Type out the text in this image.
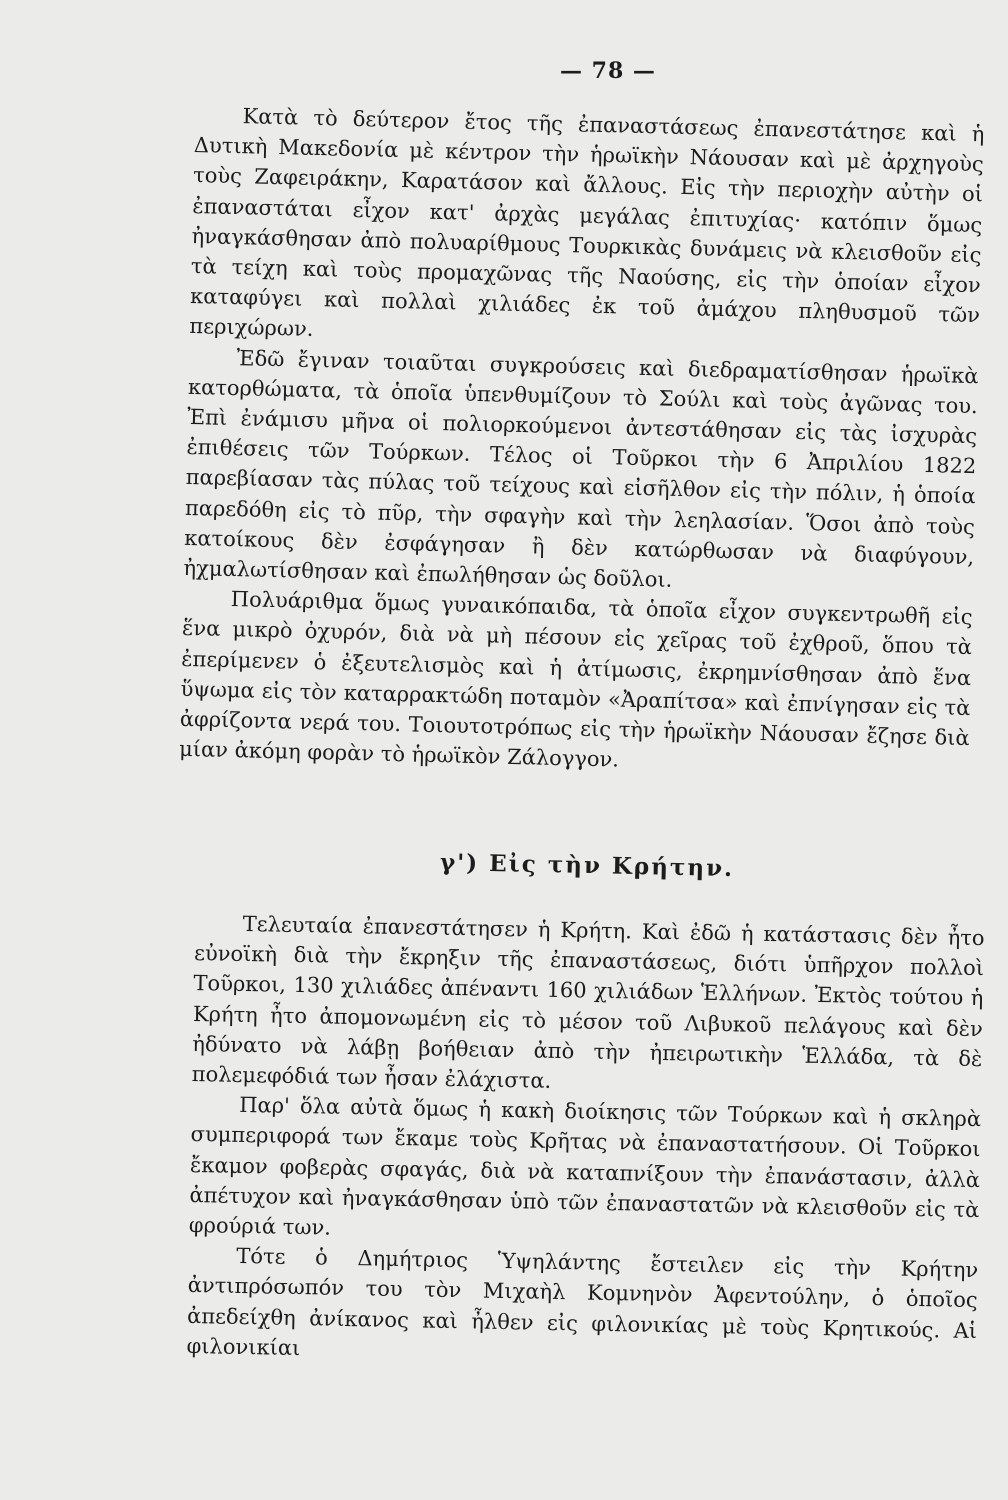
— 78 —

Κατὰ τὸ δεύτερον ἔτος τῆς ἐπαναστάσεως ἐπανεστάτησε καὶ ἡ Δυτικὴ Μακεδονία μὲ κέντρον τὴν ἡρωϊκὴν Νάουσαν καὶ μὲ ἀρχηγοὺς τοὺς Ζαφειράκην, Καρατάσον καὶ ἄλλους. Εἰς τὴν περιοχὴν αὐτὴν οἱ ἐπαναστάται εἶχον κατ' ἀρχὰς μεγάλας ἐπιτυχίας· κατόπιν ὅμως ἠναγκάσθησαν ἀπὸ πολυαρίθμους Τουρκικὰς δυνάμεις νὰ κλεισθοῦν εἰς τὰ τείχη καὶ τοὺς προμαχῶνας τῆς Ναούσης, εἰς τὴν ὁποίαν εἶχον καταφύγει καὶ πολλαὶ χιλιάδες ἐκ τοῦ ἀμάχου πληθυσμοῦ τῶν περιχώρων.

Ἐδῶ ἔγιναν τοιαῦται συγκρούσεις καὶ διεδραματίσθησαν ἡρωϊκὰ κατορθώματα, τὰ ὁποῖα ὑπενθυμίζουν τὸ Σούλι καὶ τοὺς ἀγῶνας του. Ἐπὶ ἐνάμισυ μῆνα οἱ πολιορκούμενοι ἀντεστάθησαν εἰς τὰς ἰσχυρὰς ἐπιθέσεις τῶν Τούρκων. Τέλος οἱ Τοῦρκοι τὴν 6 Ἀπριλίου 1822 παρεβίασαν τὰς πύλας τοῦ τείχους καὶ εἰσῆλθον εἰς τὴν πόλιν, ἡ ὁποία παρεδόθη εἰς τὸ πῦρ, τὴν σφαγὴν καὶ τὴν λεηλασίαν. Ὅσοι ἀπὸ τοὺς κατοίκους δὲν ἐσφάγησαν ἢ δὲν κατώρθωσαν νὰ διαφύγουν, ἠχμαλωτίσθησαν καὶ ἐπωλήθησαν ὡς δοῦλοι.

Πολυάριθμα ὅμως γυναικόπαιδα, τὰ ὁποῖα εἶχον συγκεντρωθῆ εἰς ἕνα μικρὸ ὀχυρόν, διὰ νὰ μὴ πέσουν εἰς χεῖρας τοῦ ἐχθροῦ, ὅπου τὰ ἐπερίμενεν ὁ ἐξευτελισμὸς καὶ ἡ ἀτίμωσις, ἐκρημνίσθησαν ἀπὸ ἕνα ὕψωμα εἰς τὸν καταρρακτώδη ποταμὸν «Ἀραπίτσα» καὶ ἐπνίγησαν εἰς τὰ ἀφρίζοντα νερά του. Τοιουτοτρόπως εἰς τὴν ἡρωϊκὴν Νάουσαν ἔζησε διὰ μίαν ἀκόμη φορὰν τὸ ἡρωϊκὸν Ζάλογγον.

γ') Εἰς τὴν Κρήτην.

Τελευταία ἐπανεστάτησεν ἡ Κρήτη. Καὶ ἐδῶ ἡ κατάστασις δὲν ἦτο εὐνοϊκὴ διὰ τὴν ἔκρηξιν τῆς ἐπαναστάσεως, διότι ὑπῆρχον πολλοὶ Τοῦρκοι, 130 χιλιάδες ἀπέναντι 160 χιλιάδων Ἑλλήνων. Ἐκτὸς τούτου ἡ Κρήτη ἦτο ἀπομονωμένη εἰς τὸ μέσον τοῦ Λιβυκοῦ πελάγους καὶ δὲν ἠδύνατο νὰ λάβῃ βοήθειαν ἀπὸ τὴν ἠπειρωτικὴν Ἑλλάδα, τὰ δὲ πολεμεφόδιά των ἦσαν ἐλάχιστα.

Παρ' ὅλα αὐτὰ ὅμως ἡ κακὴ διοίκησις τῶν Τούρκων καὶ ἡ σκληρὰ συμπεριφορά των ἔκαμε τοὺς Κρῆτας νὰ ἐπαναστατήσουν. Οἱ Τοῦρκοι ἔκαμον φοβερὰς σφαγάς, διὰ νὰ καταπνίξουν τὴν ἐπανάστασιν, ἀλλὰ ἀπέτυχον καὶ ἠναγκάσθησαν ὑπὸ τῶν ἐπαναστατῶν νὰ κλεισθοῦν εἰς τὰ φρούριά των.

Τότε ὁ Δημήτριος Ὑψηλάντης ἔστειλεν εἰς τὴν Κρήτην ἀντιπρόσωπόν του τὸν Μιχαὴλ Κομνηνὸν Ἀφεντούλην, ὁ ὁποῖος ἀπεδείχθη ἀνίκανος καὶ ἦλθεν εἰς φιλονικίας μὲ τοὺς Κρητικούς. Αἱ φιλονικίαι
